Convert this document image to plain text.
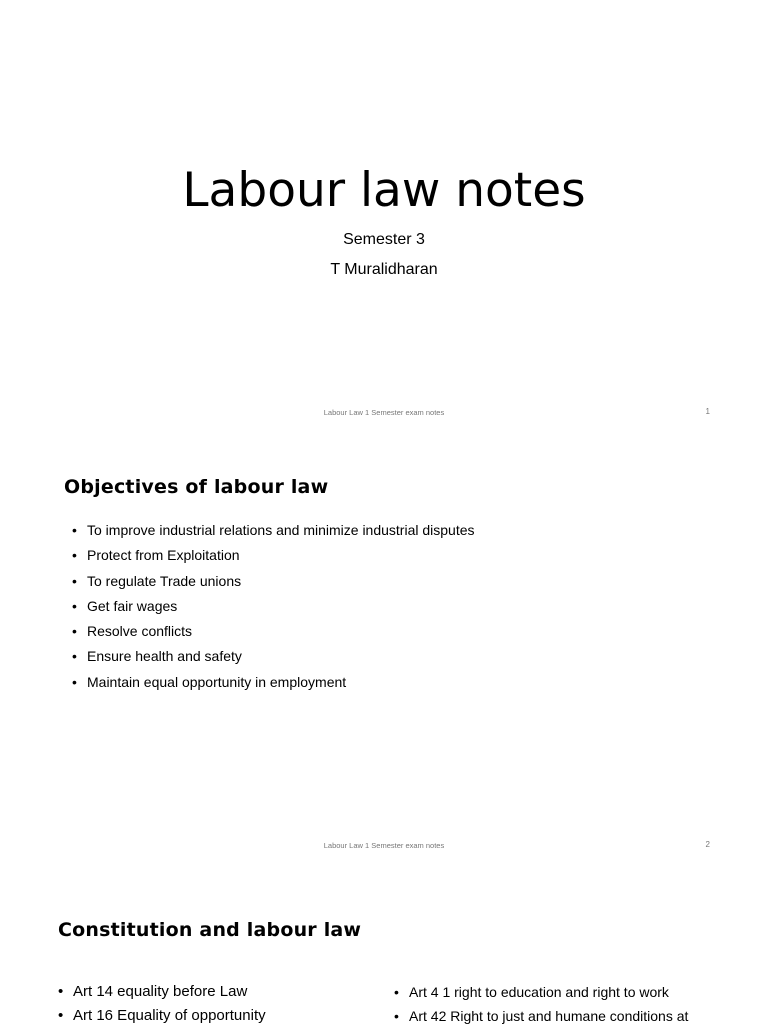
Labour law notes
Semester 3
T Muralidharan
Labour Law 1 Semester exam notes	1
Objectives of labour law
• To improve industrial relations and minimize industrial disputes
• Protect from Exploitation
• To regulate Trade unions
• Get fair wages
• Resolve conflicts
• Ensure health and safety
• Maintain equal opportunity in employment
Labour Law 1 Semester exam notes	2
Constitution and labour law
• Art 14 equality before Law
• Art 16 Equality of opportunity
• Art 4 1 right to education and right to work
• Art 42 Right to just and humane conditions at
